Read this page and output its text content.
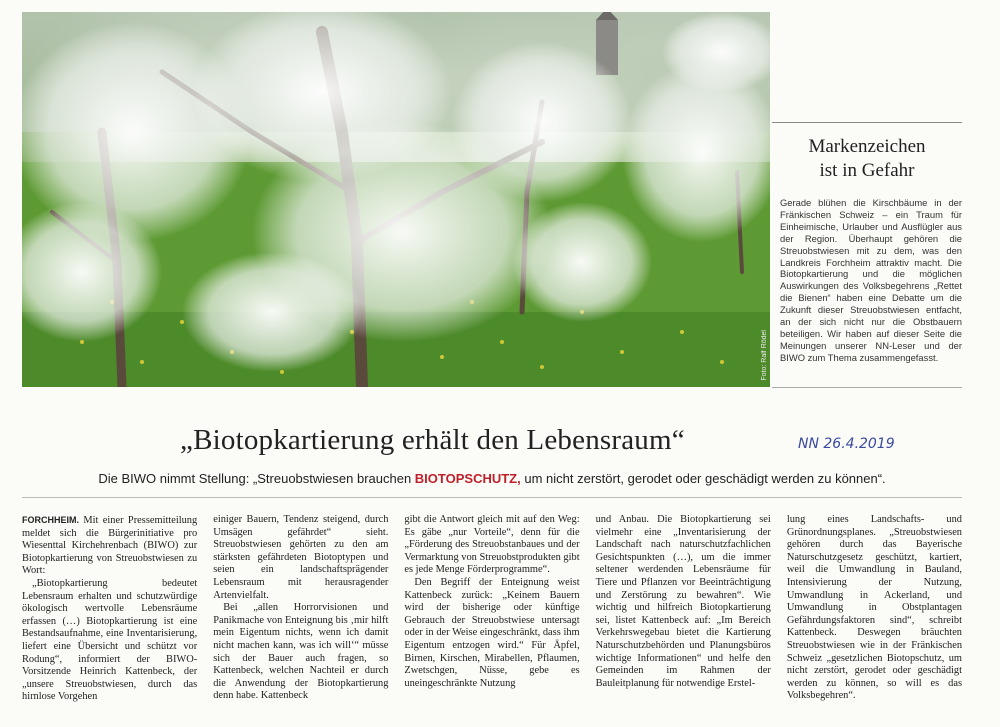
Foto: Ralf Rödel
Markenzeichen
ist in Gefahr

Gerade blühen die Kirschbäume in der Fränkischen Schweiz – ein Traum für Einheimische, Urlauber und Ausflügler aus der Region. Überhaupt gehören die Streuobstwiesen mit zu dem, was den Landkreis Forchheim attraktiv macht. Die Biotopkartierung und die möglichen Auswirkungen des Volksbegehrens „Rettet die Bienen“ haben eine Debatte um die Zukunft dieser Streuobstwiesen entfacht, an der sich nicht nur die Obstbauern beteiligen. Wir haben auf dieser Seite die Meinungen unserer NN-Leser und der BIWO zum Thema zusammengefasst.

„Biotopkartierung erhält den Lebensraum“	NN 26.4.2019
Die BIWO nimmt Stellung: „Streuobstwiesen brauchen BIOTOPSCHUTZ, um nicht zerstört, gerodet oder geschädigt werden zu können“.

FORCHHEIM. Mit einer Pressemitteilung meldet sich die Bürgerinitiative pro Wiesenttal Kirchehrenbach (BIWO) zur Biotopkartierung von Streuobstwiesen zu Wort:

„Biotopkartierung bedeutet Lebensraum erhalten und schutzwürdige ökologisch wertvolle Lebensräume erfassen (…) Biotopkartierung ist eine Bestandsaufnahme, eine Inventarisierung, liefert eine Übersicht und schützt vor Rodung“, informiert der BIWO-Vorsitzende Heinrich Kattenbeck, der „unsere Streuobstwiesen, durch das hirnlose Vorgehen

einiger Bauern, Tendenz steigend, durch Umsägen gefährdet“ sieht. Streuobstwiesen gehörten zu den am stärksten gefährdeten Biotoptypen und seien ein landschaftsprägender Lebensraum mit herausragender Artenvielfalt.

Bei „allen Horrorvisionen und Panikmache von Enteignung bis ‚mir hilft mein Eigentum nichts, wenn ich damit nicht machen kann, was ich will‘“ müsse sich der Bauer auch fragen, so Kattenbeck, welchen Nachteil er durch die Anwendung der Biotopkartierung denn habe. Kattenbeck

gibt die Antwort gleich mit auf den Weg: Es gäbe „nur Vorteile“, denn für die „Förderung des Streuobstanbaues und der Vermarktung von Streuobstprodukten gibt es jede Menge Förderprogramme“.

Den Begriff der Enteignung weist Kattenbeck zurück: „Keinem Bauern wird der bisherige oder künftige Gebrauch der Streuobstwiese untersagt oder in der Weise eingeschränkt, dass ihm Eigentum entzogen wird.“ Für Äpfel, Birnen, Kirschen, Mirabellen, Pflaumen, Zwetschgen, Nüsse, gebe es uneingeschränkte Nutzung

und Anbau. Die Biotopkartierung sei vielmehr eine „Inventarisierung der Landschaft nach naturschutzfachlichen Gesichtspunkten (…), um die immer seltener werdenden Lebensräume für Tiere und Pflanzen vor Beeinträchtigung und Zerstörung zu bewahren“. Wie wichtig und hilfreich Biotopkartierung sei, listet Kattenbeck auf: „Im Bereich Verkehrswegebau bietet die Kartierung Naturschutzbehörden und Planungsbüros wichtige Informationen“ und helfe den Gemeinden im Rahmen der Bauleitplanung für notwendige Erstel-

lung eines Landschafts- und Grünordnungsplanes. „Streuobstwiesen gehören durch das Bayerische Naturschutzgesetz geschützt, kartiert, weil die Umwandlung in Bauland, Intensivierung der Nutzung, Umwandlung in Ackerland, und Umwandlung in Obstplantagen Gefährdungsfaktoren sind“, schreibt Kattenbeck. Deswegen bräuchten Streuobstwiesen wie in der Fränkischen Schweiz „gesetzlichen Biotopschutz, um nicht zerstört, gerodet oder geschädigt werden zu können, so will es das Volksbegehren“.
